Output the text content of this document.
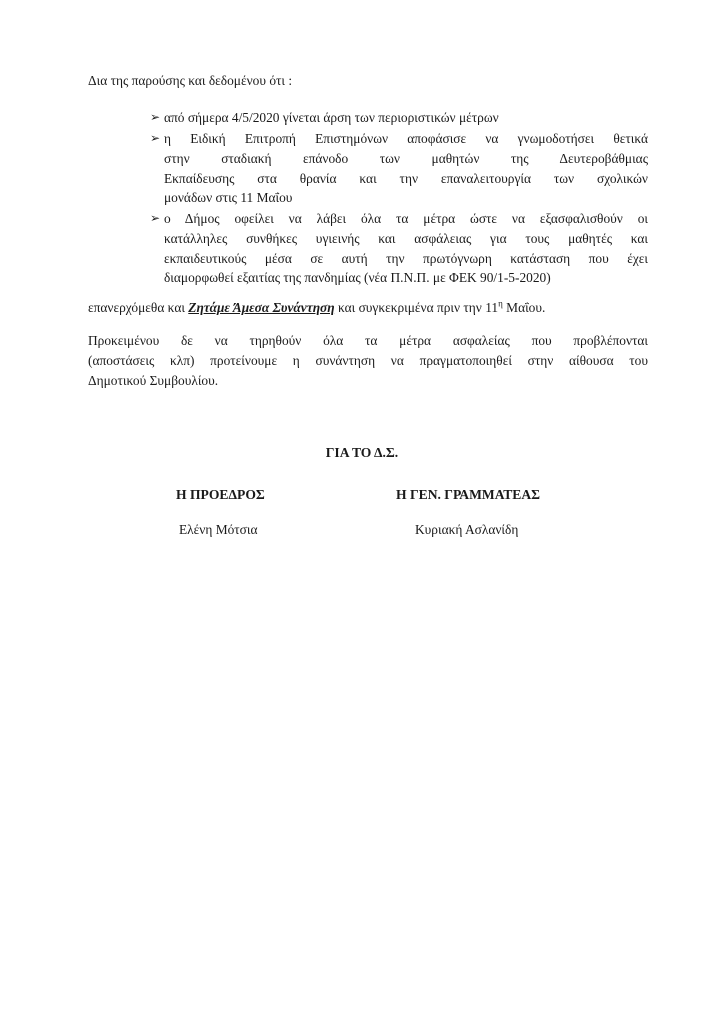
Δια της παρούσης και δεδομένου ότι :
➢ από σήμερα 4/5/2020 γίνεται άρση των περιοριστικών μέτρων
➢ η Ειδική Επιτροπή Επιστημόνων αποφάσισε να γνωμοδοτήσει θετικά
στην σταδιακή επάνοδο των μαθητών της Δευτεροβάθμιας
Εκπαίδευσης στα θρανία και την επαναλειτουργία των σχολικών
μονάδων στις 11 Μαΐου
➢ ο Δήμος οφείλει να λάβει όλα τα μέτρα ώστε να εξασφαλισθούν οι
κατάλληλες συνθήκες υγιεινής και ασφάλειας για τους μαθητές και
εκπαιδευτικούς μέσα σε αυτή την πρωτόγνωρη κατάσταση που έχει
διαμορφωθεί εξαιτίας της πανδημίας (νέα Π.Ν.Π. με ΦΕΚ 90/1-5-2020)
επανερχόμεθα και Ζητάμε Άμεσα Συνάντηση και συγκεκριμένα πριν την $11^\eta$ Μαΐου.
Προκειμένου δε να τηρηθούν όλα τα μέτρα ασφαλείας που προβλέπονται
(αποστάσεις κλπ) προτείνουμε η συνάντηση να πραγματοποιηθεί στην αίθουσα του
Δημοτικού Συμβουλίου.
ΓΙΑ ΤΟ Δ.Σ.
Η ΠΡΟΕΔΡΟΣ	Η ΓΕΝ. ΓΡΑΜΜΑΤΕΑΣ
Ελένη Μότσια	Κυριακή Ασλανίδη
